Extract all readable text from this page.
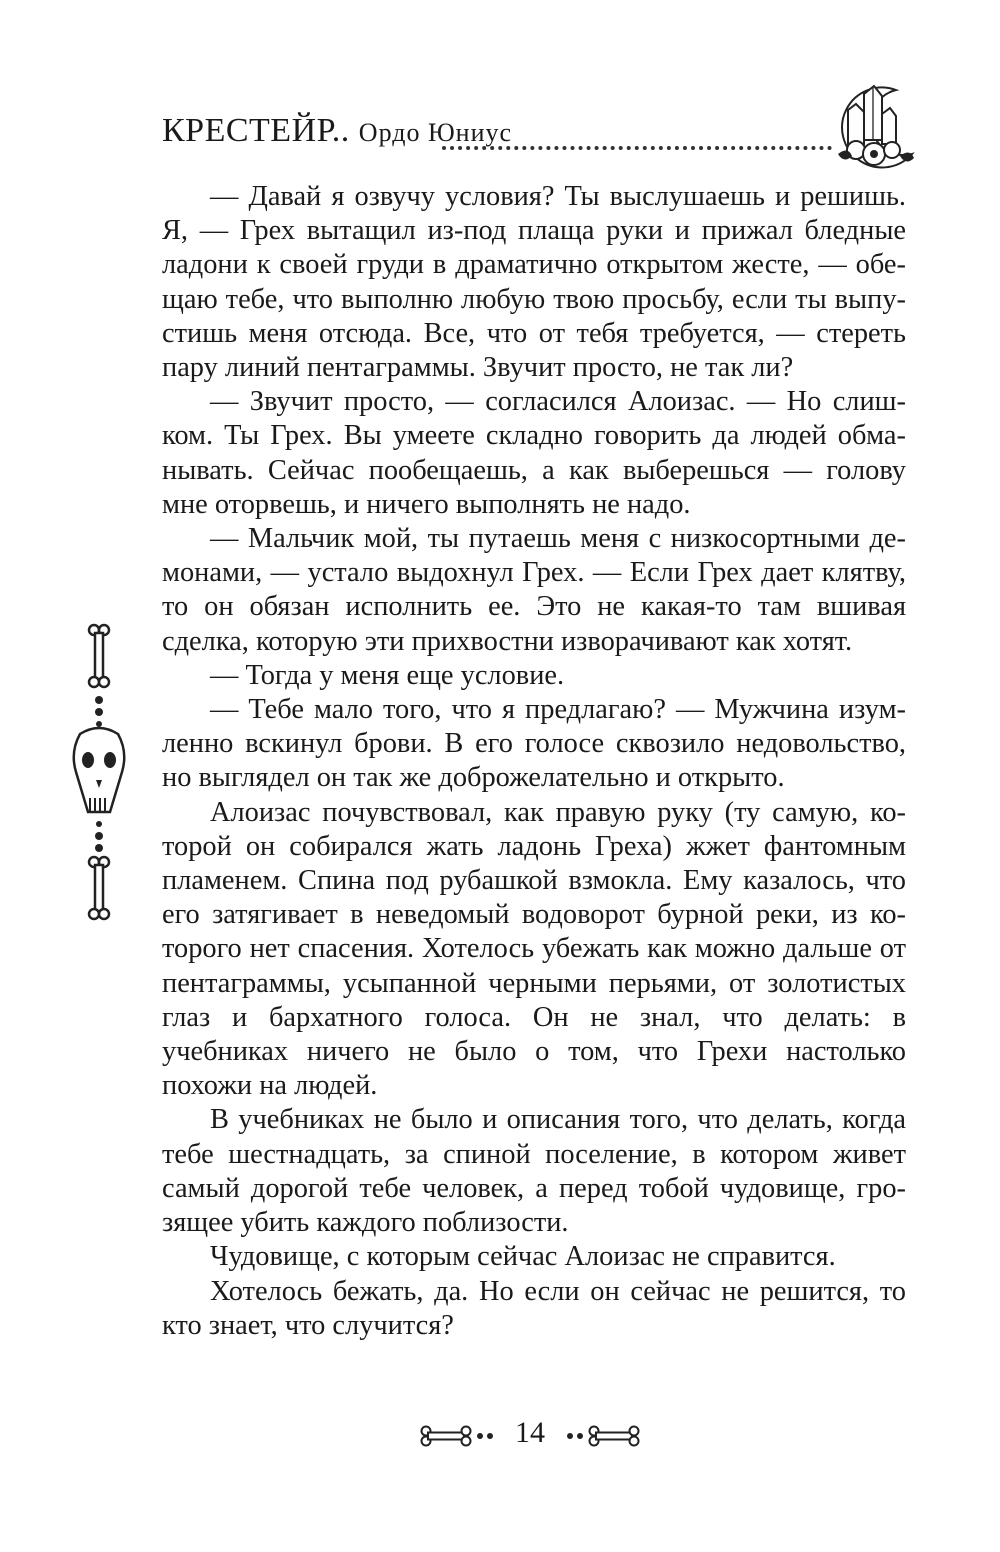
КРЕСТЕЙР.. Ордо Юниус

— Давай я озвучу условия? Ты выслушаешь и решишь. Я, — Грех вытащил из-под плаща руки и прижал бледные ладони к своей груди в драматично открытом жесте, — обещаю тебе, что выполню любую твою просьбу, если ты выпустишь меня отсюда. Все, что от тебя требуется, — стереть пару линий пентаграммы. Звучит просто, не так ли?

— Звучит просто, — согласился Алоизас. — Но слишком. Ты Грех. Вы умеете складно говорить да людей обманывать. Сейчас пообещаешь, а как выберешься — голову мне оторвешь, и ничего выполнять не надо.

— Мальчик мой, ты путаешь меня с низкосортными демонами, — устало выдохнул Грех. — Если Грех дает клятву, то он обязан исполнить ее. Это не какая-то там вшивая сделка, которую эти прихвостни изворачивают как хотят.

— Тогда у меня еще условие.

— Тебе мало того, что я предлагаю? — Мужчина изумленно вскинул брови. В его голосе сквозило недовольство, но выглядел он так же доброжелательно и открыто.

Алоизас почувствовал, как правую руку (ту самую, которой он собирался жать ладонь Греха) жжет фантомным пламенем. Спина под рубашкой взмокла. Ему казалось, что его затягивает в неведомый водоворот бурной реки, из которого нет спасения. Хотелось убежать как можно дальше от пентаграммы, усыпанной черными перьями, от золотистых глаз и бархатного голоса. Он не знал, что делать: в учебниках ничего не было о том, что Грехи настолько похожи на людей.

В учебниках не было и описания того, что делать, когда тебе шестнадцать, за спиной поселение, в котором живет самый дорогой тебе человек, а перед тобой чудовище, грозящее убить каждого поблизости.

Чудовище, с которым сейчас Алоизас не справится.

Хотелось бежать, да. Но если он сейчас не решится, то кто знает, что случится?

14
